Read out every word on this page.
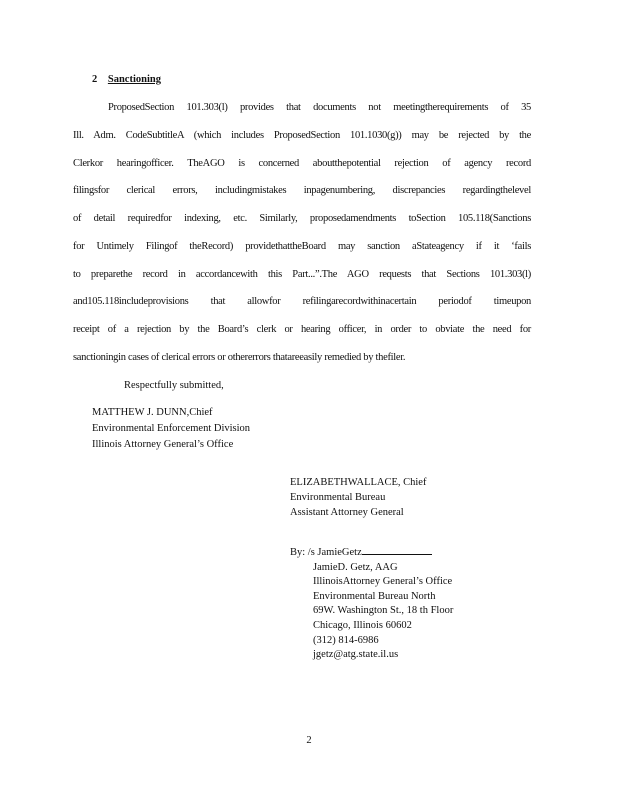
2 Sanctioning
ProposedSection 101.303(l) provides that documents not meetingtherequirements of 35
Ill. Adm. CodeSubtitleA (which includes ProposedSection 101.1030(g)) may be rejected by the
Clerkor hearingofficer. TheAGO is concerned aboutthepotential rejection of agency record
filingsfor clerical errors, includingmistakes inpagenumbering, discrepancies regardingthelevel
of detail requiredfor indexing, etc. Similarly, proposedamendments toSection 105.118(Sanctions
for Untimely Filingof theRecord) providethattheBoard may sanction aStateagency if it ‘fails
to preparethe record in accordancewith this Part...”.The AGO requests that Sections 101.303(l)
and105.118includeprovisions that allowfor refilingarecordwithinacertain periodof timeupon
receipt of a rejection by the Board’s clerk or hearing officer, in order to obviate the need for
sanctioningin cases of clerical errors or othererrors thatareeasily remedied by thefiler.
Respectfully submitted,
MATTHEW J. DUNN,Chief
Environmental Enforcement Division
Illinois Attorney General’s Office
ELIZABETHWALLACE, Chief
Environmental Bureau
Assistant Attorney General
By: /s JamieGetz
JamieD. Getz, AAG
IllinoisAttorney General’s Office
Environmental Bureau North
69W. Washington St., 18 th Floor
Chicago, Illinois 60602
(312) 814-6986
jgetz@atg.state.il.us
2
